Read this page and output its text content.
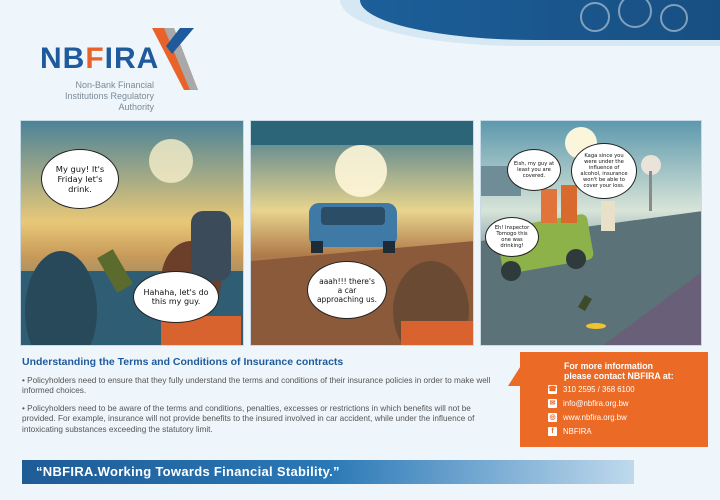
NBFIRA
Non-Bank Financial
Institutions Regulatory
Authority
My guy! It's Friday let's drink.
Hahaha, let's do this my guy.
aaah!!! there's a car approaching us.
Eish, my guy at least you are covered.
Kaga since you were under the influence of alcohol, insurance won't be able to cover your loss.
Eh! Inspector Tomogo this one was drinking!
Understanding the Terms and Conditions of Insurance contracts

• Policyholders need to ensure that they fully understand the terms and conditions of their insurance policies in order to make well informed choices.

• Policyholders need to be aware of the terms and conditions, penalties, excesses or restrictions in which benefits will not be provided. For example, insurance will not provide benefits to the insured involved in car accident, while under the influence of intoxicating substances exceeding the statutory limit.

For more information
please contact NBFIRA at:
☎ 310 2595 / 368 6100
✉ info@nbfira.org.bw
◎ www.nbfira.org.bw
f	NBFIRA
“NBFIRA.Working Towards Financial Stability.”
